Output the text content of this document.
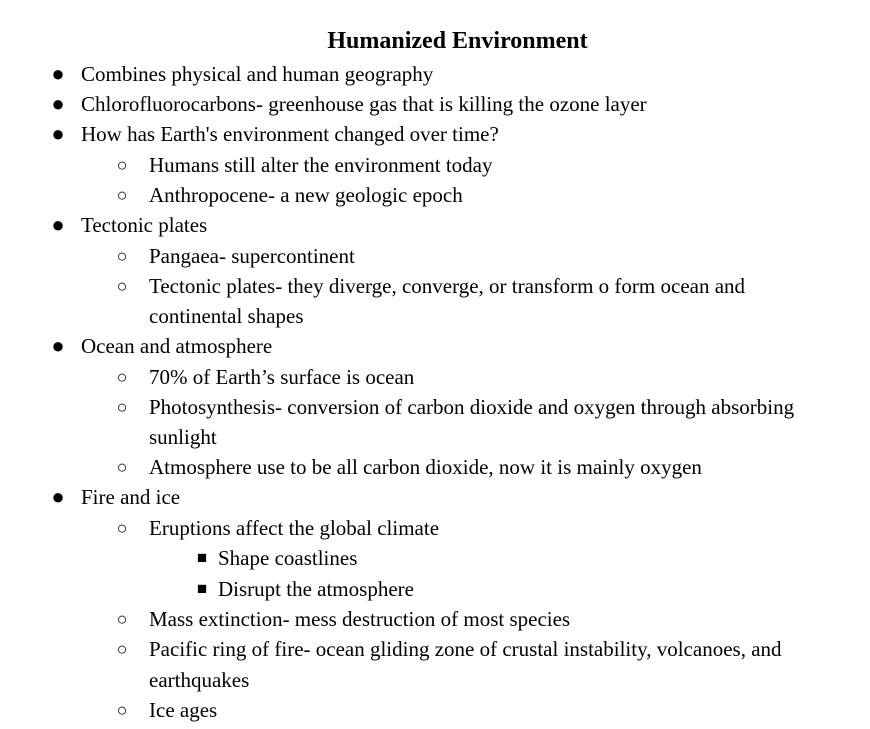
Humanized Environment
● Combines physical and human geography
● Chlorofluorocarbons- greenhouse gas that is killing the ozone layer
● How has Earth's environment changed over time?
○ Humans still alter the environment today
○ Anthropocene- a new geologic epoch
● Tectonic plates
○ Pangaea- supercontinent
○ Tectonic plates- they diverge, converge, or transform o form ocean and
continental shapes
● Ocean and atmosphere
○ 70% of Earth’s surface is ocean
○ Photosynthesis- conversion of carbon dioxide and oxygen through absorbing
sunlight
○ Atmosphere use to be all carbon dioxide, now it is mainly oxygen
● Fire and ice
○ Eruptions affect the global climate
■ Shape coastlines
■ Disrupt the atmosphere
○ Mass extinction- mess destruction of most species
○ Pacific ring of fire- ocean gliding zone of crustal instability, volcanoes, and
earthquakes
○ Ice ages
